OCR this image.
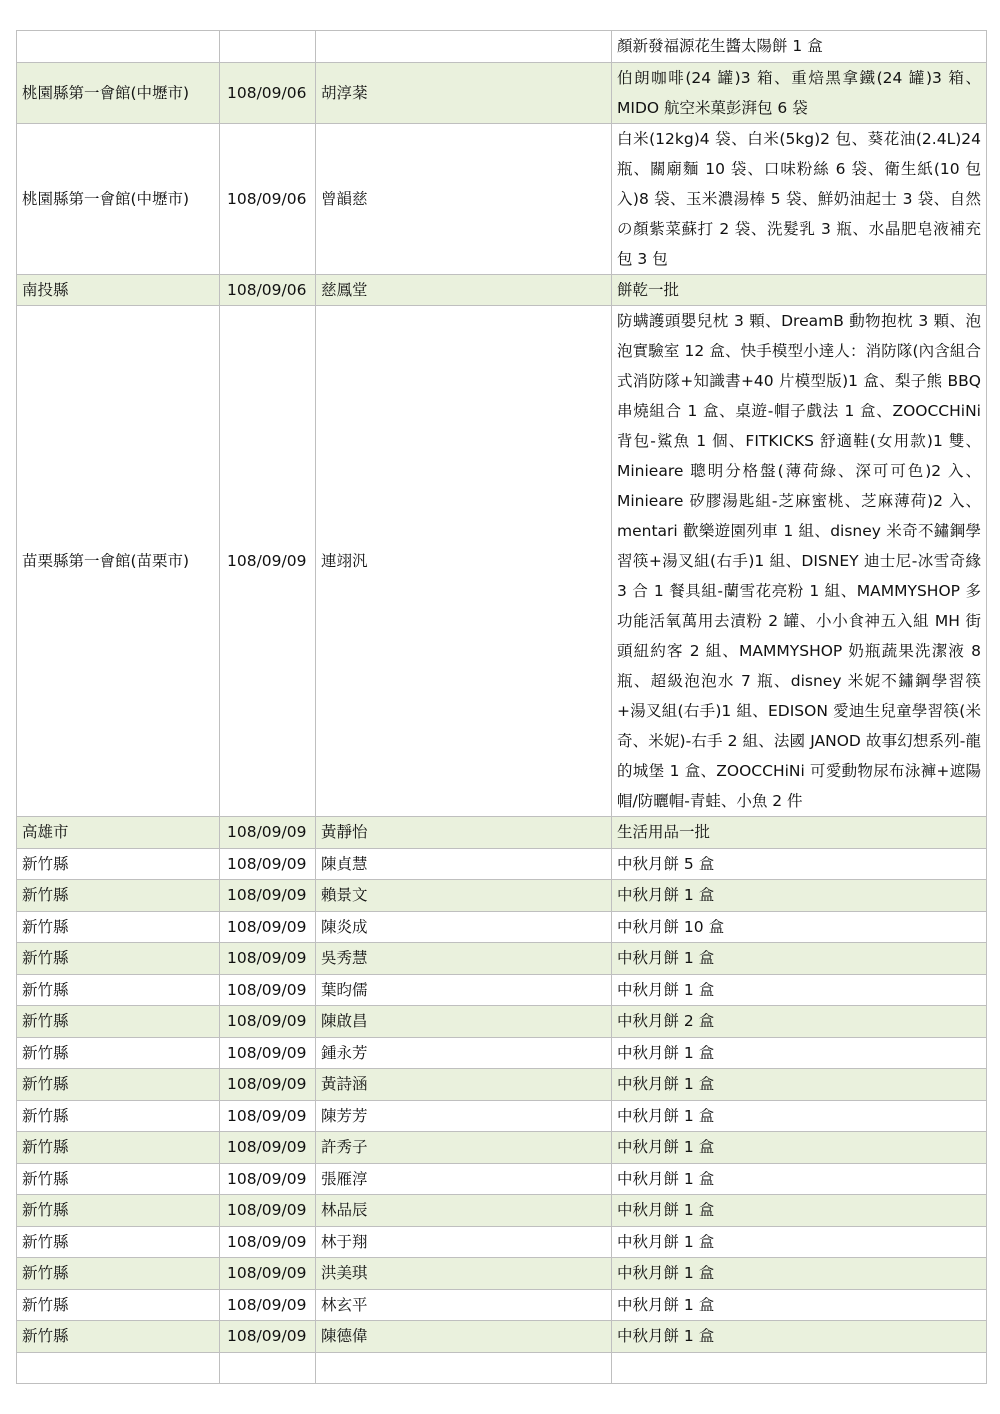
			顏新發福源花生醬太陽餅 1 盒
桃園縣第一會館(中壢市)	108/09/06	胡淳棻	伯朗咖啡(24 罐)3 箱、重焙黑拿鐵(24 罐)3 箱、MIDO 航空米菓彭湃包 6 袋
桃園縣第一會館(中壢市)	108/09/06	曾韻慈	白米(12kg)4 袋、白米(5kg)2 包、葵花油(2.4L)24 瓶、關廟麵 10 袋、口味粉絲 6 袋、衛生紙(10 包入)8 袋、玉米濃湯棒 5 袋、鮮奶油起士 3 袋、自然の顏紫菜蘇打 2 袋、洗髮乳 3 瓶、水晶肥皂液補充包 3 包
南投縣	108/09/06	慈鳳堂	餅乾一批
苗栗縣第一會館(苗栗市)	108/09/09	連翊汎	防螨護頭嬰兒枕 3 顆、DreamB 動物抱枕 3 顆、泡泡實驗室 12 盒、快手模型小達人：消防隊(內含組合式消防隊+知識書+40 片模型版)1 盒、梨子熊 BBQ 串燒組合 1 盒、桌遊-帽子戲法 1 盒、ZOOCCHiNi 背包-鯊魚 1 個、FITKICKS 舒適鞋(女用款)1 雙、Minieare 聰明分格盤(薄荷綠、深可可色)2 入、Minieare 矽膠湯匙組-芝麻蜜桃、芝麻薄荷)2 入、mentari 歡樂遊園列車 1 組、disney 米奇不鏽鋼學習筷+湯叉組(右手)1 組、DISNEY 迪士尼-冰雪奇緣 3 合 1 餐具組-蘭雪花亮粉 1 組、MAMMYSHOP 多功能活氧萬用去漬粉 2 罐、小小食神五入組 MH 街頭紐約客 2 組、MAMMYSHOP 奶瓶蔬果洗潔液 8 瓶、超級泡泡水 7 瓶、disney 米妮不鏽鋼學習筷+湯叉組(右手)1 組、EDISON 愛迪生兒童學習筷(米奇、米妮)-右手 2 組、法國 JANOD 故事幻想系列-龍的城堡 1 盒、ZOOCCHiNi 可愛動物尿布泳褲+遮陽帽/防曬帽-青蛙、小魚 2 件
高雄市	108/09/09	黃靜怡	生活用品一批
新竹縣	108/09/09	陳貞慧	中秋月餅 5 盒
新竹縣	108/09/09	賴景文	中秋月餅 1 盒
新竹縣	108/09/09	陳炎成	中秋月餅 10 盒
新竹縣	108/09/09	吳秀慧	中秋月餅 1 盒
新竹縣	108/09/09	葉昀儒	中秋月餅 1 盒
新竹縣	108/09/09	陳啟昌	中秋月餅 2 盒
新竹縣	108/09/09	鍾永芳	中秋月餅 1 盒
新竹縣	108/09/09	黃詩涵	中秋月餅 1 盒
新竹縣	108/09/09	陳芳芳	中秋月餅 1 盒
新竹縣	108/09/09	許秀子	中秋月餅 1 盒
新竹縣	108/09/09	張雁淳	中秋月餅 1 盒
新竹縣	108/09/09	林品辰	中秋月餅 1 盒
新竹縣	108/09/09	林于翔	中秋月餅 1 盒
新竹縣	108/09/09	洪美琪	中秋月餅 1 盒
新竹縣	108/09/09	林玄平	中秋月餅 1 盒
新竹縣	108/09/09	陳德偉	中秋月餅 1 盒
